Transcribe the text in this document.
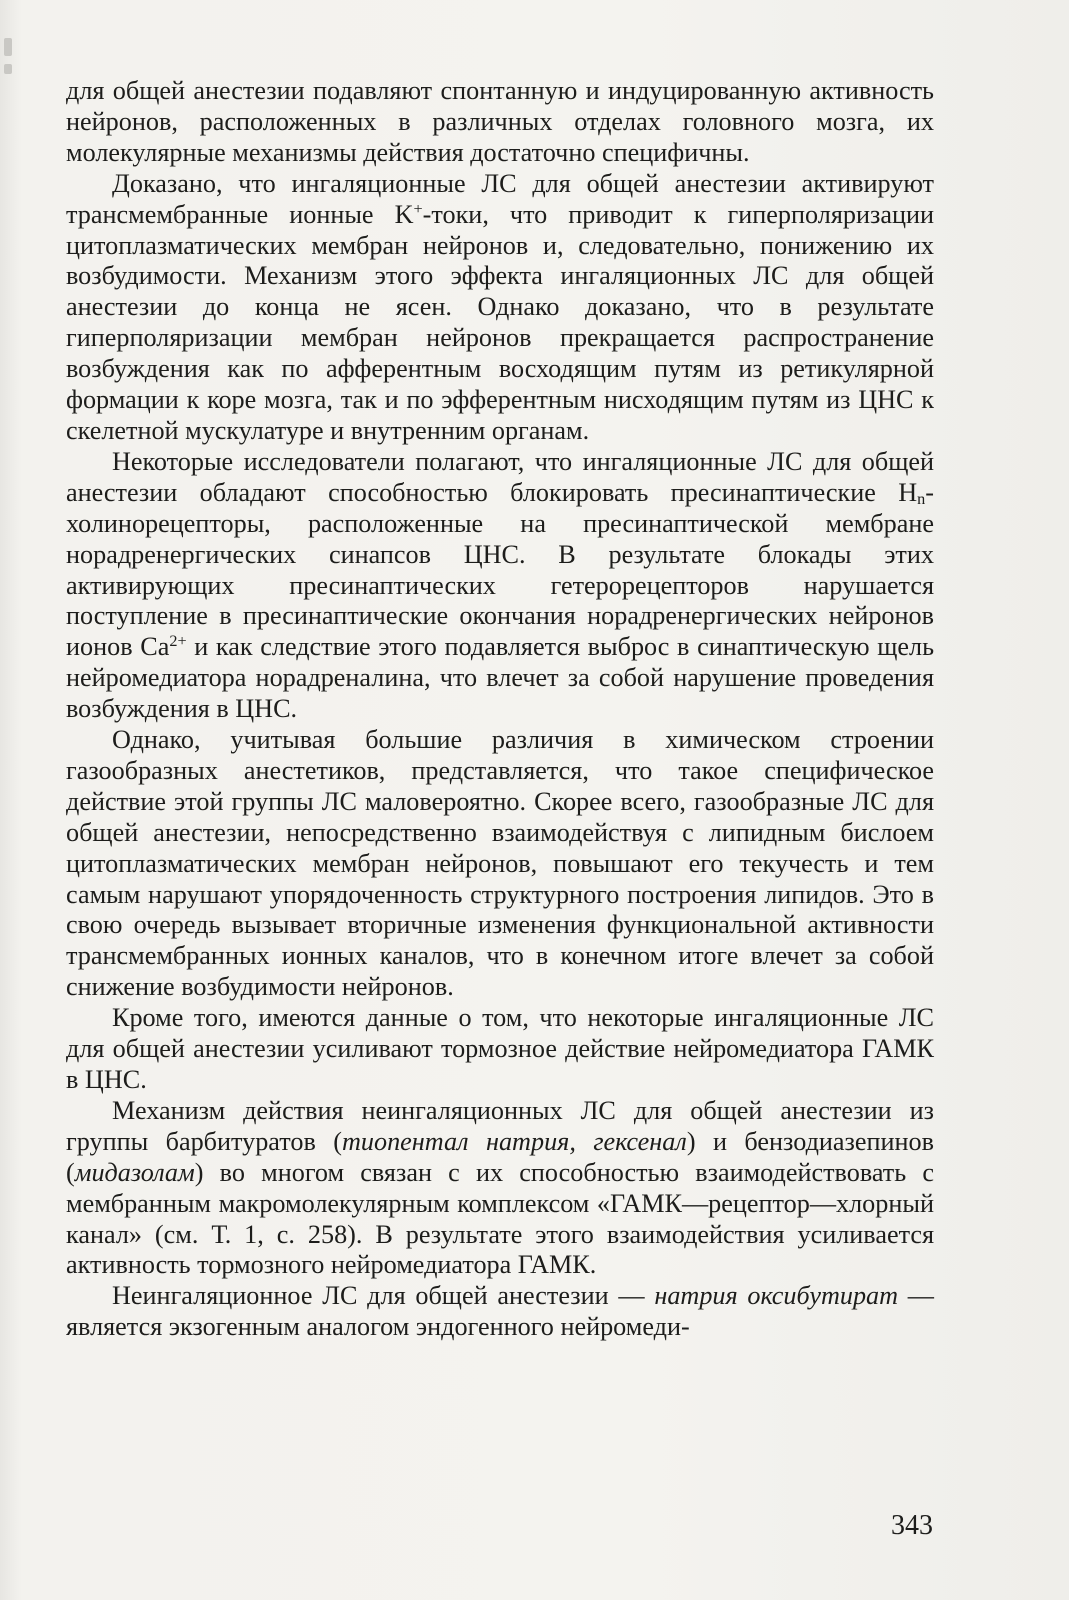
для общей анестезии подавляют спонтанную и индуцированную активность нейронов, расположенных в различных отделах головного мозга, их молекулярные механизмы действия достаточно специфичны.

Доказано, что ингаляционные ЛС для общей анестезии активируют трансмембранные ионные K+-токи, что приводит к гиперполяризации цитоплазматических мембран нейронов и, следовательно, понижению их возбудимости. Механизм этого эффекта ингаляционных ЛС для общей анестезии до конца не ясен. Однако доказано, что в результате гиперполяризации мембран нейронов прекращается распространение возбуждения как по афферентным восходящим путям из ретикулярной формации к коре мозга, так и по эфферентным нисходящим путям из ЦНС к скелетной мускулатуре и внутренним органам.

Некоторые исследователи полагают, что ингаляционные ЛС для общей анестезии обладают способностью блокировать пресинаптические $Н_n$-холинорецепторы, расположенные на пресинаптической мембране норадренергических синапсов ЦНС. В результате блокады этих активирующих пресинаптических гетерорецепторов нарушается поступление в пресинаптические окончания норадренергических нейронов ионов $Са^{2+}$ и как следствие этого подавляется выброс в синаптическую щель нейромедиатора норадреналина, что влечет за собой нарушение проведения возбуждения в ЦНС.

Однако, учитывая большие различия в химическом строении газообразных анестетиков, представляется, что такое специфическое действие этой группы ЛС маловероятно. Скорее всего, газообразные ЛС для общей анестезии, непосредственно взаимодействуя с липидным бислоем цитоплазматических мембран нейронов, повышают его текучесть и тем самым нарушают упорядоченность структурного построения липидов. Это в свою очередь вызывает вторичные изменения функциональной активности трансмембранных ионных каналов, что в конечном итоге влечет за собой снижение возбудимости нейронов.

Кроме того, имеются данные о том, что некоторые ингаляционные ЛС для общей анестезии усиливают тормозное действие нейромедиатора ГАМК в ЦНС.

Механизм действия неингаляционных ЛС для общей анестезии из группы барбитуратов (тиопентал натрия, гексенал) и бензодиазепинов (мидазолам) во многом связан с их способностью взаимодействовать с мембранным макромолекулярным комплексом «ГАМК—рецептор—хлорный канал» (см. Т. 1, с. 258). В результате этого взаимодействия усиливается активность тормозного нейромедиатора ГАМК.

Неингаляционное ЛС для общей анестезии — натрия оксибутират — является экзогенным аналогом эндогенного нейромеди-

343
